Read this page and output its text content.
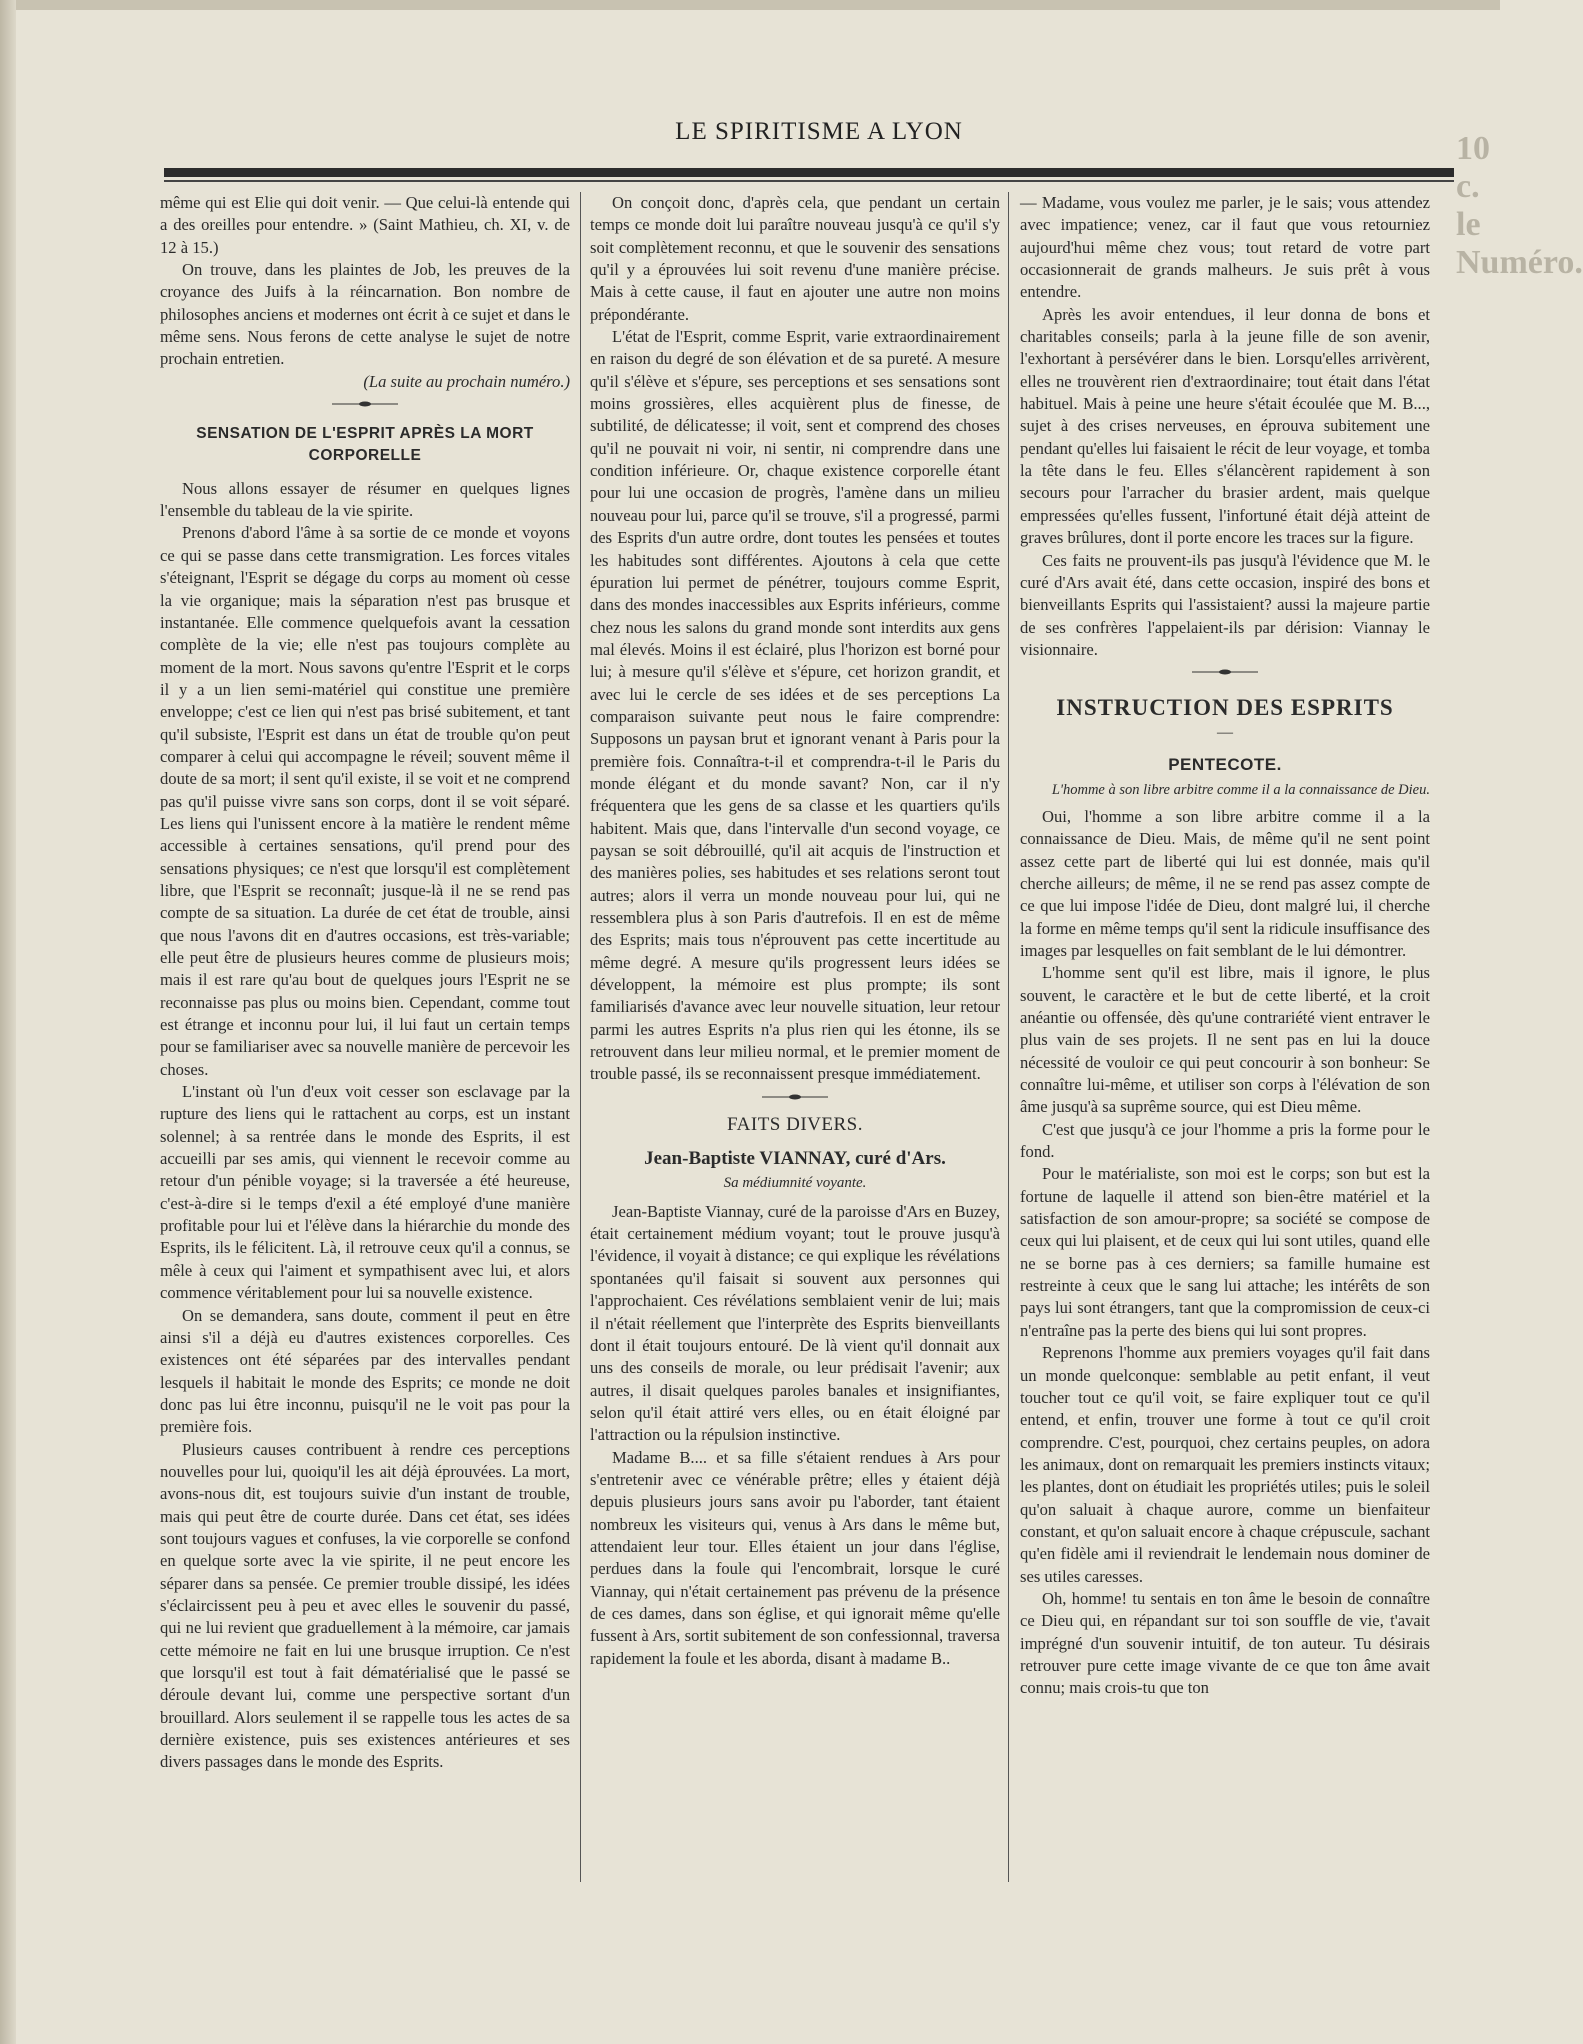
10 c. le Numéro.
LE SPIRITISME A LYON

même qui est Elie qui doit venir. — Que celui-là entende qui a des oreilles pour entendre. » (Saint Mathieu, ch. XI, v. de 12 à 15.)

On trouve, dans les plaintes de Job, les preuves de la croyance des Juifs à la réincarnation. Bon nombre de philosophes anciens et modernes ont écrit à ce sujet et dans le même sens. Nous ferons de cette analyse le sujet de notre prochain entretien.

(La suite au prochain numéro.)

SENSATION DE L'ESPRIT APRÈS LA MORT CORPORELLE

Nous allons essayer de résumer en quelques lignes l'ensemble du tableau de la vie spirite.

Prenons d'abord l'âme à sa sortie de ce monde et voyons ce qui se passe dans cette transmigration. Les forces vitales s'éteignant, l'Esprit se dégage du corps au moment où cesse la vie organique; mais la séparation n'est pas brusque et instantanée. Elle commence quelquefois avant la cessation complète de la vie; elle n'est pas toujours complète au moment de la mort. Nous savons qu'entre l'Esprit et le corps il y a un lien semi-matériel qui constitue une première enveloppe; c'est ce lien qui n'est pas brisé subitement, et tant qu'il subsiste, l'Esprit est dans un état de trouble qu'on peut comparer à celui qui accompagne le réveil; souvent même il doute de sa mort; il sent qu'il existe, il se voit et ne comprend pas qu'il puisse vivre sans son corps, dont il se voit séparé. Les liens qui l'unissent encore à la matière le rendent même accessible à certaines sensations, qu'il prend pour des sensations physiques; ce n'est que lorsqu'il est complètement libre, que l'Esprit se reconnaît; jusque-là il ne se rend pas compte de sa situation. La durée de cet état de trouble, ainsi que nous l'avons dit en d'autres occasions, est très-variable; elle peut être de plusieurs heures comme de plusieurs mois; mais il est rare qu'au bout de quelques jours l'Esprit ne se reconnaisse pas plus ou moins bien. Cependant, comme tout est étrange et inconnu pour lui, il lui faut un certain temps pour se familiariser avec sa nouvelle manière de percevoir les choses.

L'instant où l'un d'eux voit cesser son esclavage par la rupture des liens qui le rattachent au corps, est un instant solennel; à sa rentrée dans le monde des Esprits, il est accueilli par ses amis, qui viennent le recevoir comme au retour d'un pénible voyage; si la traversée a été heureuse, c'est-à-dire si le temps d'exil a été employé d'une manière profitable pour lui et l'élève dans la hiérarchie du monde des Esprits, ils le félicitent. Là, il retrouve ceux qu'il a connus, se mêle à ceux qui l'aiment et sympathisent avec lui, et alors commence véritablement pour lui sa nouvelle existence.

On se demandera, sans doute, comment il peut en être ainsi s'il a déjà eu d'autres existences corporelles. Ces existences ont été séparées par des intervalles pendant lesquels il habitait le monde des Esprits; ce monde ne doit donc pas lui être inconnu, puisqu'il ne le voit pas pour la première fois.

Plusieurs causes contribuent à rendre ces perceptions nouvelles pour lui, quoiqu'il les ait déjà éprouvées. La mort, avons-nous dit, est toujours suivie d'un instant de trouble, mais qui peut être de courte durée. Dans cet état, ses idées sont toujours vagues et confuses, la vie corporelle se confond en quelque sorte avec la vie spirite, il ne peut encore les séparer dans sa pensée. Ce premier trouble dissipé, les idées s'éclaircissent peu à peu et avec elles le souvenir du passé, qui ne lui revient que graduellement à la mémoire, car jamais cette mémoire ne fait en lui une brusque irruption. Ce n'est que lorsqu'il est tout à fait dématérialisé que le passé se déroule devant lui, comme une perspective sortant d'un brouillard. Alors seulement il se rappelle tous les actes de sa dernière existence, puis ses existences antérieures et ses divers passages dans le monde des Esprits.

On conçoit donc, d'après cela, que pendant un certain temps ce monde doit lui paraître nouveau jusqu'à ce qu'il s'y soit complètement reconnu, et que le souvenir des sensations qu'il y a éprouvées lui soit revenu d'une manière précise. Mais à cette cause, il faut en ajouter une autre non moins prépondérante.

L'état de l'Esprit, comme Esprit, varie extraordinairement en raison du degré de son élévation et de sa pureté. A mesure qu'il s'élève et s'épure, ses perceptions et ses sensations sont moins grossières, elles acquièrent plus de finesse, de subtilité, de délicatesse; il voit, sent et comprend des choses qu'il ne pouvait ni voir, ni sentir, ni comprendre dans une condition inférieure. Or, chaque existence corporelle étant pour lui une occasion de progrès, l'amène dans un milieu nouveau pour lui, parce qu'il se trouve, s'il a progressé, parmi des Esprits d'un autre ordre, dont toutes les pensées et toutes les habitudes sont différentes. Ajoutons à cela que cette épuration lui permet de pénétrer, toujours comme Esprit, dans des mondes inaccessibles aux Esprits inférieurs, comme chez nous les salons du grand monde sont interdits aux gens mal élevés. Moins il est éclairé, plus l'horizon est borné pour lui; à mesure qu'il s'élève et s'épure, cet horizon grandit, et avec lui le cercle de ses idées et de ses perceptions La comparaison suivante peut nous le faire comprendre: Supposons un paysan brut et ignorant venant à Paris pour la première fois. Connaîtra-t-il et comprendra-t-il le Paris du monde élégant et du monde savant? Non, car il n'y fréquentera que les gens de sa classe et les quartiers qu'ils habitent. Mais que, dans l'intervalle d'un second voyage, ce paysan se soit débrouillé, qu'il ait acquis de l'instruction et des manières polies, ses habitudes et ses relations seront tout autres; alors il verra un monde nouveau pour lui, qui ne ressemblera plus à son Paris d'autrefois. Il en est de même des Esprits; mais tous n'éprouvent pas cette incertitude au même degré. A mesure qu'ils progressent leurs idées se développent, la mémoire est plus prompte; ils sont familiarisés d'avance avec leur nouvelle situation, leur retour parmi les autres Esprits n'a plus rien qui les étonne, ils se retrouvent dans leur milieu normal, et le premier moment de trouble passé, ils se reconnaissent presque immédiatement.

FAITS DIVERS.
Jean-Baptiste VIANNAY, curé d'Ars.
Sa médiumnité voyante.

Jean-Baptiste Viannay, curé de la paroisse d'Ars en Buzey, était certainement médium voyant; tout le prouve jusqu'à l'évidence, il voyait à distance; ce qui explique les révélations spontanées qu'il faisait si souvent aux personnes qui l'approchaient. Ces révélations semblaient venir de lui; mais il n'était réellement que l'interprète des Esprits bienveillants dont il était toujours entouré. De là vient qu'il donnait aux uns des conseils de morale, ou leur prédisait l'avenir; aux autres, il disait quelques paroles banales et insignifiantes, selon qu'il était attiré vers elles, ou en était éloigné par l'attraction ou la répulsion instinctive.

Madame B.... et sa fille s'étaient rendues à Ars pour s'entretenir avec ce vénérable prêtre; elles y étaient déjà depuis plusieurs jours sans avoir pu l'aborder, tant étaient nombreux les visiteurs qui, venus à Ars dans le même but, attendaient leur tour. Elles étaient un jour dans l'église, perdues dans la foule qui l'encombrait, lorsque le curé Viannay, qui n'était certainement pas prévenu de la présence de ces dames, dans son église, et qui ignorait même qu'elle fussent à Ars, sortit subitement de son confessionnal, traversa rapidement la foule et les aborda, disant à madame B..

— Madame, vous voulez me parler, je le sais; vous attendez avec impatience; venez, car il faut que vous retourniez aujourd'hui même chez vous; tout retard de votre part occasionnerait de grands malheurs. Je suis prêt à vous entendre.

Après les avoir entendues, il leur donna de bons et charitables conseils; parla à la jeune fille de son avenir, l'exhortant à persévérer dans le bien. Lorsqu'elles arrivèrent, elles ne trouvèrent rien d'extraordinaire; tout était dans l'état habituel. Mais à peine une heure s'était écoulée que M. B..., sujet à des crises nerveuses, en éprouva subitement une pendant qu'elles lui faisaient le récit de leur voyage, et tomba la tête dans le feu. Elles s'élancèrent rapidement à son secours pour l'arracher du brasier ardent, mais quelque empressées qu'elles fussent, l'infortuné était déjà atteint de graves brûlures, dont il porte encore les traces sur la figure.

Ces faits ne prouvent-ils pas jusqu'à l'évidence que M. le curé d'Ars avait été, dans cette occasion, inspiré des bons et bienveillants Esprits qui l'assistaient? aussi la majeure partie de ses confrères l'appelaient-ils par dérision: Viannay le visionnaire.

INSTRUCTION DES ESPRITS
—
PENTECOTE.
L'homme à son libre arbitre comme il a la connaissance de Dieu.

Oui, l'homme a son libre arbitre comme il a la connaissance de Dieu. Mais, de même qu'il ne sent point assez cette part de liberté qui lui est donnée, mais qu'il cherche ailleurs; de même, il ne se rend pas assez compte de ce que lui impose l'idée de Dieu, dont malgré lui, il cherche la forme en même temps qu'il sent la ridicule insuffisance des images par lesquelles on fait semblant de le lui démontrer.

L'homme sent qu'il est libre, mais il ignore, le plus souvent, le caractère et le but de cette liberté, et la croit anéantie ou offensée, dès qu'une contrariété vient entraver le plus vain de ses projets. Il ne sent pas en lui la douce nécessité de vouloir ce qui peut concourir à son bonheur: Se connaître lui-même, et utiliser son corps à l'élévation de son âme jusqu'à sa suprême source, qui est Dieu même.

C'est que jusqu'à ce jour l'homme a pris la forme pour le fond.

Pour le matérialiste, son moi est le corps; son but est la fortune de laquelle il attend son bien-être matériel et la satisfaction de son amour-propre; sa société se compose de ceux qui lui plaisent, et de ceux qui lui sont utiles, quand elle ne se borne pas à ces derniers; sa famille humaine est restreinte à ceux que le sang lui attache; les intérêts de son pays lui sont étrangers, tant que la compromission de ceux-ci n'entraîne pas la perte des biens qui lui sont propres.

Reprenons l'homme aux premiers voyages qu'il fait dans un monde quelconque: semblable au petit enfant, il veut toucher tout ce qu'il voit, se faire expliquer tout ce qu'il entend, et enfin, trouver une forme à tout ce qu'il croit comprendre. C'est, pourquoi, chez certains peuples, on adora les animaux, dont on remarquait les premiers instincts vitaux; les plantes, dont on étudiait les propriétés utiles; puis le soleil qu'on saluait à chaque aurore, comme un bienfaiteur constant, et qu'on saluait encore à chaque crépuscule, sachant qu'en fidèle ami il reviendrait le lendemain nous dominer de ses utiles caresses.

Oh, homme! tu sentais en ton âme le besoin de connaître ce Dieu qui, en répandant sur toi son souffle de vie, t'avait imprégné d'un souvenir intuitif, de ton auteur. Tu désirais retrouver pure cette image vivante de ce que ton âme avait connu; mais crois-tu que ton
